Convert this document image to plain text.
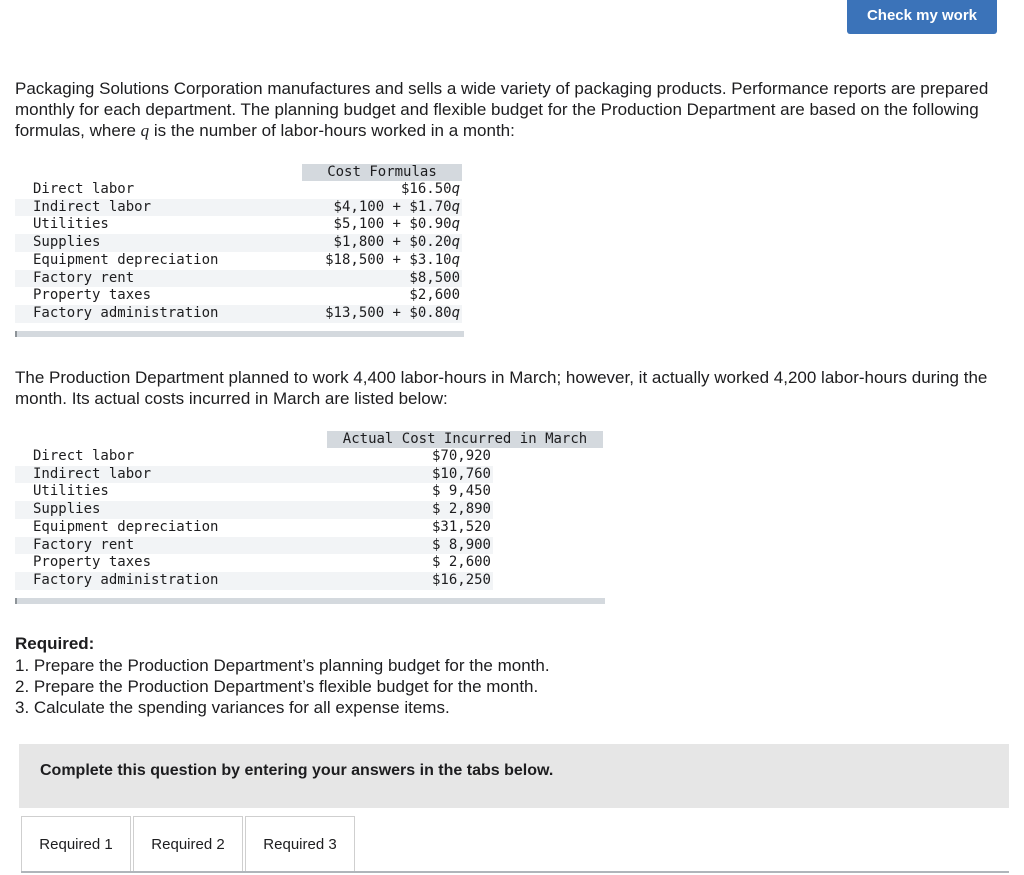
Check my work

Packaging Solutions Corporation manufactures and sells a wide variety of packaging products. Performance reports are prepared monthly for each department. The planning budget and flexible budget for the Production Department are based on the following formulas, where q is the number of labor-hours worked in a month:

Cost Formulas
Direct labor	$16.50q
Indirect labor	$4,100 + $1.70q
Utilities	$5,100 + $0.90q
Supplies	$1,800 + $0.20q
Equipment depreciation	$18,500 + $3.10q
Factory rent	$8,500
Property taxes	$2,600
Factory administration	$13,500 + $0.80q

The Production Department planned to work 4,400 labor-hours in March; however, it actually worked 4,200 labor-hours during the month. Its actual costs incurred in March are listed below:

Actual Cost Incurred in March
Direct labor	$70,920
Indirect labor	$10,760
Utilities	$ 9,450
Supplies	$ 2,890
Equipment depreciation	$31,520
Factory rent	$ 8,900
Property taxes	$ 2,600
Factory administration	$16,250
Required:
1. Prepare the Production Department’s planning budget for the month.
2. Prepare the Production Department’s flexible budget for the month.
3. Calculate the spending variances for all expense items.
Complete this question by entering your answers in the tabs below.
Required 1	Required 2	Required 3
